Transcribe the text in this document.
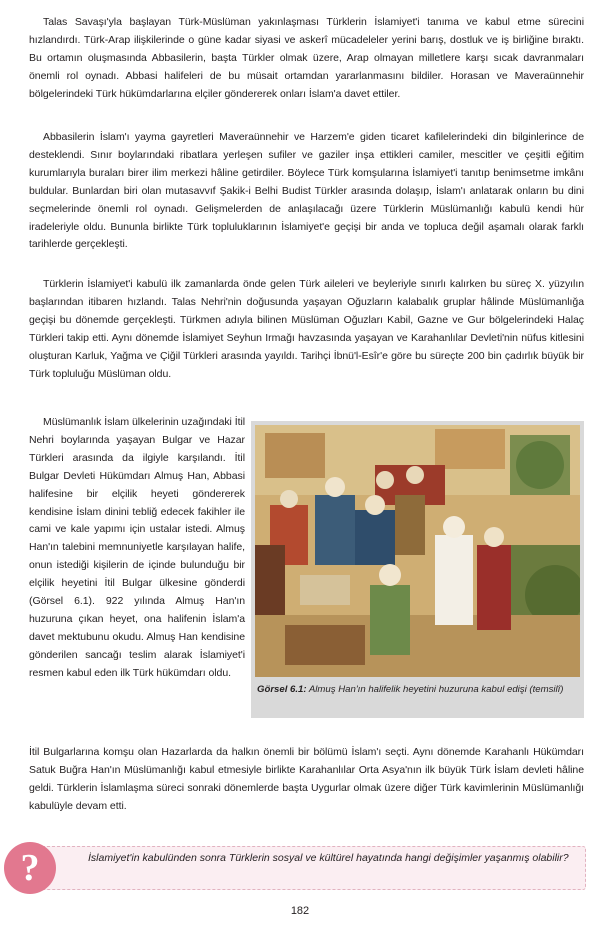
Talas Savaşı'yla başlayan Türk-Müslüman yakınlaşması Türklerin İslamiyet'i tanıma ve kabul etme sürecini hızlandırdı. Türk-Arap ilişkilerinde o güne kadar siyasi ve askerî mücadeleler yerini barış, dostluk ve iş birliğine bıraktı. Bu ortamın oluşmasında Abbasilerin, başta Türkler olmak üzere, Arap olmayan milletlere karşı sıcak davranmaları önemli rol oynadı. Abbasi halifeleri de bu müsait ortamdan yararlanmasını bildiler. Horasan ve Maveraünnehir bölgelerindeki Türk hükümdarlarına elçiler göndererek onları İslam'a davet ettiler.

Abbasilerin İslam'ı yayma gayretleri Maveraünnehir ve Harzem'e giden ticaret kafilelerindeki din bilginlerince de desteklendi. Sınır boylarındaki ribatlara yerleşen sufiler ve gaziler inşa ettikleri camiler, mescitler ve çeşitli eğitim kurumlarıyla buraları birer ilim merkezi hâline getirdiler. Böylece Türk komşularına İslamiyet'i tanıtıp benimsetme imkânı buldular. Bunlardan biri olan mutasavvıf Şakik-i Belhi Budist Türkler arasında dolaşıp, İslam'ı anlatarak onların bu dini seçmelerinde önemli rol oynadı. Gelişmelerden de anlaşılacağı üzere Türklerin Müslümanlığı kabulü kendi hür iradeleriyle oldu. Bununla birlikte Türk topluluklarının İslamiyet'e geçişi bir anda ve topluca değil aşamalı olarak farklı tarihlerde gerçekleşti.

Türklerin İslamiyet'i kabulü ilk zamanlarda önde gelen Türk aileleri ve beyleriyle sınırlı kalırken bu süreç X. yüzyılın başlarından itibaren hızlandı. Talas Nehri'nin doğusunda yaşayan Oğuzların kalabalık gruplar hâlinde Müslümanlığa geçişi bu dönemde gerçekleşti. Türkmen adıyla bilinen Müslüman Oğuzları Kabil, Gazne ve Gur bölgelerindeki Halaç Türkleri takip etti. Aynı dönemde İslamiyet Seyhun Irmağı havzasında yaşayan ve Karahanlılar Devleti'nin nüfus kitlesini oluşturan Karluk, Yağma ve Çiğil Türkleri arasında yayıldı. Tarihçi İbnü'l-Esîr'e göre bu süreçte 200 bin çadırlık büyük bir Türk topluluğu Müslüman oldu.

Müslümanlık İslam ülkelerinin uzağındaki İtil Nehri boylarında yaşayan Bulgar ve Hazar Türkleri arasında da ilgiyle karşılandı. İtil Bulgar Devleti Hükümdarı Almuş Han, Abbasi halifesine bir elçilik heyeti göndererek kendisine İslam dinini tebliğ edecek fakihler ile cami ve kale yapımı için ustalar istedi. Almuş Han'ın talebini memnuniyetle karşılayan halife, onun istediği kişilerin de içinde bulunduğu bir elçilik heyetini İtil Bulgar ülkesine gönderdi (Görsel 6.1). 922 yılında Almuş Han'ın huzuruna çıkan heyet, ona halifenin İslam'a davet mektubunu okudu. Almuş Han kendisine gönderilen sancağı teslim alarak İslamiyet'i resmen kabul eden ilk Türk hükümdarı oldu.

Görsel 6.1: Almuş Han'ın halifelik heyetini huzuruna kabul edişi (temsilî)

İtil Bulgarlarına komşu olan Hazarlarda da halkın önemli bir bölümü İslam'ı seçti. Aynı dönemde Karahanlı Hükümdarı Satuk Buğra Han'ın Müslümanlığı kabul etmesiyle birlikte Karahanlılar Orta Asya'nın ilk büyük Türk İslam devleti hâline geldi. Türklerin İslamlaşma süreci sonraki dönemlerde başta Uygurlar olmak üzere diğer Türk kavimlerinin Müslümanlığı kabulüyle devam etti.

?	İslamiyet'in kabulünden sonra Türklerin sosyal ve kültürel hayatında hangi değişimler yaşanmış olabilir?

182
